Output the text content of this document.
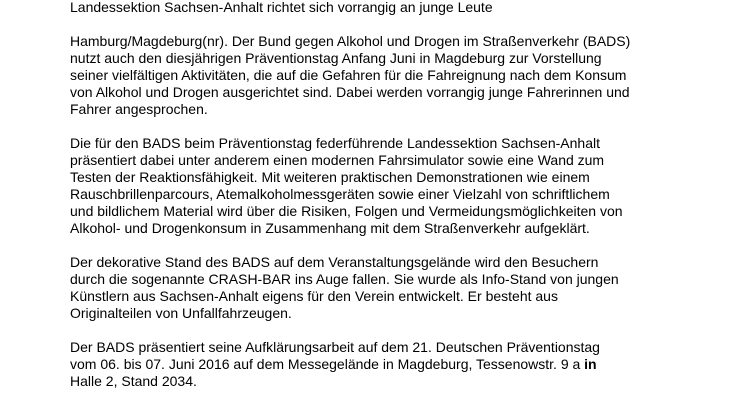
Landessektion Sachsen-Anhalt richtet sich vorrangig an junge Leute

Hamburg/Magdeburg(nr). Der Bund gegen Alkohol und Drogen im Straßenverkehr (BADS)
nutzt auch den diesjährigen Präventionstag Anfang Juni in Magdeburg zur Vorstellung
seiner vielfältigen Aktivitäten, die auf die Gefahren für die Fahreignung nach dem Konsum
von Alkohol und Drogen ausgerichtet sind. Dabei werden vorrangig junge Fahrerinnen und
Fahrer angesprochen.

Die für den BADS beim Präventionstag federführende Landessektion Sachsen-Anhalt
präsentiert dabei unter anderem einen modernen Fahrsimulator sowie eine Wand zum
Testen der Reaktionsfähigkeit. Mit weiteren praktischen Demonstrationen wie einem
Rauschbrillenparcours, Atemalkoholmessgeräten sowie einer Vielzahl von schriftlichem
und bildlichem Material wird über die Risiken, Folgen und Vermeidungsmöglichkeiten von
Alkohol- und Drogenkonsum in Zusammenhang mit dem Straßenverkehr aufgeklärt.

Der dekorative Stand des BADS auf dem Veranstaltungsgelände wird den Besuchern
durch die sogenannte CRASH-BAR ins Auge fallen. Sie wurde als Info-Stand von jungen
Künstlern aus Sachsen-Anhalt eigens für den Verein entwickelt. Er besteht aus
Originalteilen von Unfallfahrzeugen.

Der BADS präsentiert seine Aufklärungsarbeit auf dem 21. Deutschen Präventionstag
vom 06. bis 07. Juni 2016 auf dem Messegelände in Magdeburg, Tessenowstr. 9 a in
Halle 2, Stand 2034.
